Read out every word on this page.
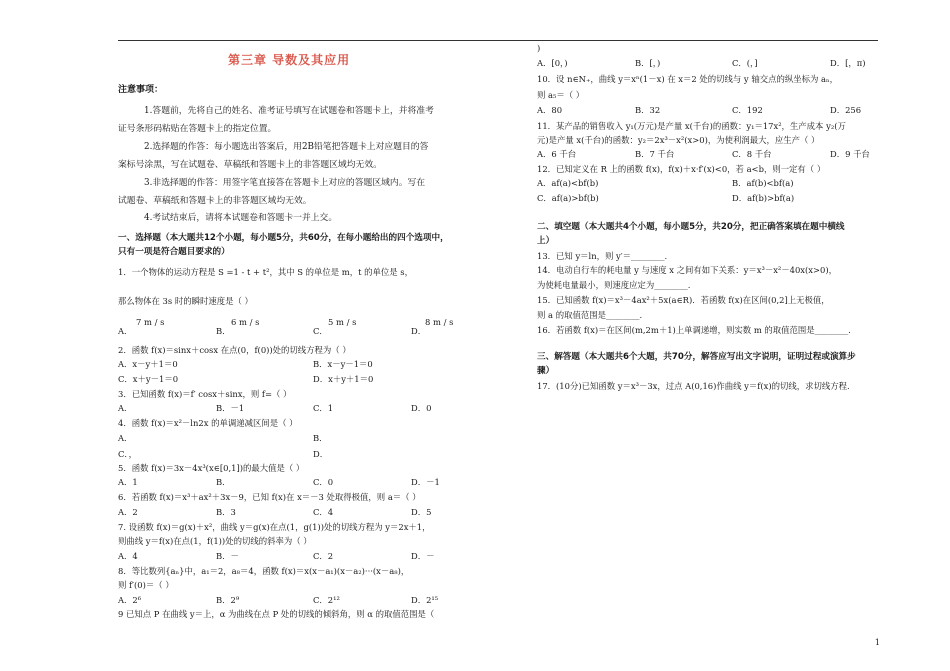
第三章 导数及其应用
注意事项：
1.答题前，先将自己的姓名、准考证号填写在试题卷和答题卡上，并将准考
证号条形码粘贴在答题卡上的指定位置。
2.选择题的作答：每小题选出答案后，用2B铅笔把答题卡上对应题目的答
案标号涂黑，写在试题卷、草稿纸和答题卡上的非答题区域均无效。
3.非选择题的作答：用签字笔直接答在答题卡上对应的答题区域内。写在
试题卷、草稿纸和答题卡上的非答题区域均无效。
4.考试结束后，请将本试题卷和答题卡一并上交。
一、选择题（本大题共12个小题，每小题5分，共60分，在每小题给出的四个选项中，
只有一项是符合题目要求的）
1．一个物体的运动方程是 S =1 - t + t²，其中 S 的单位是 m，t 的单位是 s，
那么物体在 3s 时的瞬时速度是（ ）
7 m / s	6 m / s	5 m / s	8 m / s
A．	B．	C．	D．
2．函数 f(x)＝sinx＋cosx 在点(0，f(0))处的切线方程为（ ）
A．x－y＋1＝0	B．x－y－1＝0
C．x＋y－1＝0	D．x＋y＋1＝0
3．已知函数 f(x)＝f′ cosx＋sinx，则 f=（ ）
A．	B．－1	C．1	D．0
4．函数 f(x)＝x²－ln2x 的单调递减区间是（ ）
A．	B．
C．，	D．
5．函数 f(x)＝3x－4x³(x∈[0,1])的最大值是（ ）
A．1	B．	C．0	D．－1
6．若函数 f(x)＝x³＋ax²＋3x－9，已知 f(x)在 x＝－3 处取得极值，则 a＝（ ）
A．2	B．3	C．4	D．5
7. 设函数 f(x)＝g(x)＋x²，曲线 y＝g(x)在点(1，g(1))处的切线方程为 y＝2x＋1，
则曲线 y＝f(x)在点(1，f(1))处的切线的斜率为（ ）
A．4	B．－	C．2	D．－
8．等比数列{aₙ}中，a₁＝2，a₈＝4，函数 f(x)＝x(x－a₁)(x－a₂)···(x－a₈)，
则 f′(0)＝（ ）
A．2⁶	B．2⁹	C．2¹²	D．2¹⁵
9 已知点 P 在曲线 y＝上，α 为曲线在点 P 处的切线的倾斜角，则 α 的取值范围是（
)
A．[0，)	B．[，)	C．(，]	D．[，π)
10．设 n∈N₊，曲线 y＝xⁿ(1－x) 在 x＝2 处的切线与 y 轴交点的纵坐标为 aₙ，
则 a₅＝（ ）
A．80	B．32	C．192	D．256
11．某产品的销售收入 y₁(万元)是产量 x(千台)的函数：y₁＝17x²，生产成本 y₂(万
元)是产量 x(千台)的函数：y₂＝2x³－x²(x>0)，为使利润最大，应生产（ ）
A．6 千台	B．7 千台	C．8 千台	D．9 千台
12．已知定义在 R 上的函数 f(x)，f(x)＋x·f′(x)<0，若 a<b，则一定有（ ）
A．af(a)<bf(b)	B．af(b)<bf(a)
C．af(a)>bf(b)	D．af(b)>bf(a)
二、填空题（本大题共4个小题，每小题5分，共20分，把正确答案填在题中横线
上）
13．已知 y＝ln，则 y′＝________.
14．电动自行车的耗电量 y 与速度 x 之间有如下关系：y＝x³－x²－40x(x>0)，
为使耗电量最小，则速度应定为________.
15．已知函数 f(x)＝x³－4ax²＋5x(a∈R)．若函数 f(x)在区间(0,2]上无极值，
则 a 的取值范围是________.
16．若函数 f(x)＝在区间(m,2m＋1)上单调递增，则实数 m 的取值范围是________.
三、解答题（本大题共6个大题，共70分，解答应写出文字说明，证明过程或演算步
骤）
17．(10分)已知函数 y＝x³－3x，过点 A(0,16)作曲线 y＝f(x)的切线，求切线方程.
1
